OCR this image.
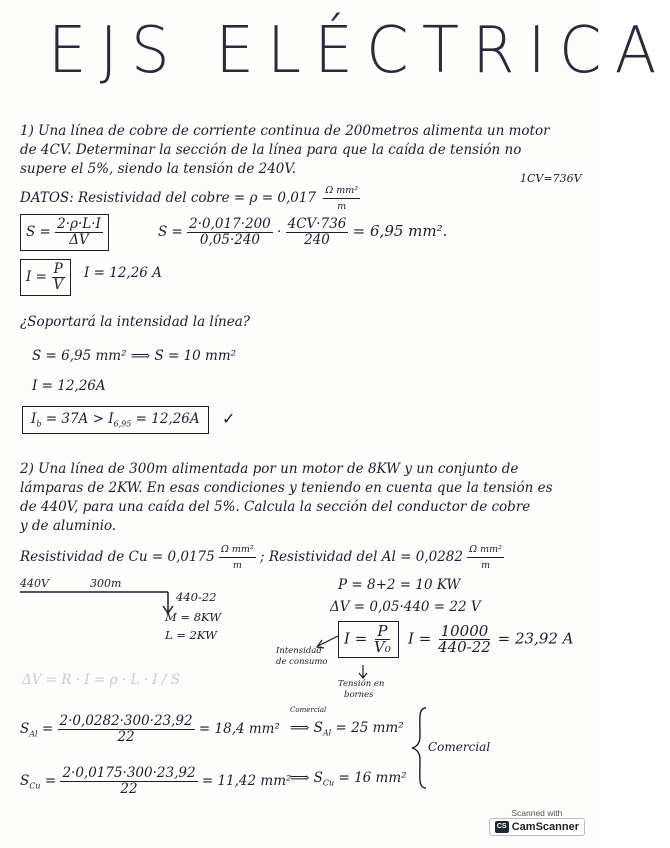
EJS ELÉCTRICA
1) Una línea de cobre de corriente continua de 200metros alimenta un motor
de 4CV. Determinar la sección de la línea para que la caída de tensión no
supere el 5%, siendo la tensión de 240V.
1CV=736V
DATOS: Resistividad del cobre = $\rho = 0,017 \frac{\text{Ω mm²}}{m}$
$S = \frac{2\cdot\rho\cdot L\cdot I}{\Delta V}$	$S = \frac{2\cdot 0,017\cdot 200}{0,05\cdot 240} \cdot \frac{4CV\cdot 736}{240} = 6,95$ mm².
$I = \frac{P}{V}$ I = 12,26 A
¿Soportará la intensidad la línea?
S = 6,95 mm² ⟹ S = 10 mm²
I = 12,26A
$I_b = 37A > I_{6,95} = 12,26A$	✓
2) Una línea de 300m alimentada por un motor de 8KW y un conjunto de
lámparas de 2KW. En esas condiciones y teniendo en cuenta que la tensión es
de 440V, para una caída del 5%. Calcula la sección del conductor de cobre
y de aluminio.
Resistividad de $Cu = 0,0175 \frac{\text{Ω mm²}}{m}$ ; Resistividad del $Al = 0,0282 \frac{\text{Ω mm²}}{m}$
440V	300m
440-22
M = 8KW
L = 2KW
P = 8+2 = 10 KW
ΔV = 0,05·440 = 22 V
$I = \frac{P}{\text{V₀}}$ $I = \frac{10000}{440-22} = 23,92$ A
Intensidad
de consumo
Tensión en
bornes
ΔV = R · I = ρ · L · I / S
$S_{Al} = \frac{2\cdot 0,0282\cdot 300\cdot 23,92}{22} = 18,4$ mm²
Comercial
⟹ $S_{Al} = 25$ mm²
$S_{Cu} = \frac{2\cdot 0,0175\cdot 300\cdot 23,92}{22} = 11,42$ mm²
⟹ $S_{Cu} = 16$ mm²
Comercial
Scanned with
CS CamScanner
